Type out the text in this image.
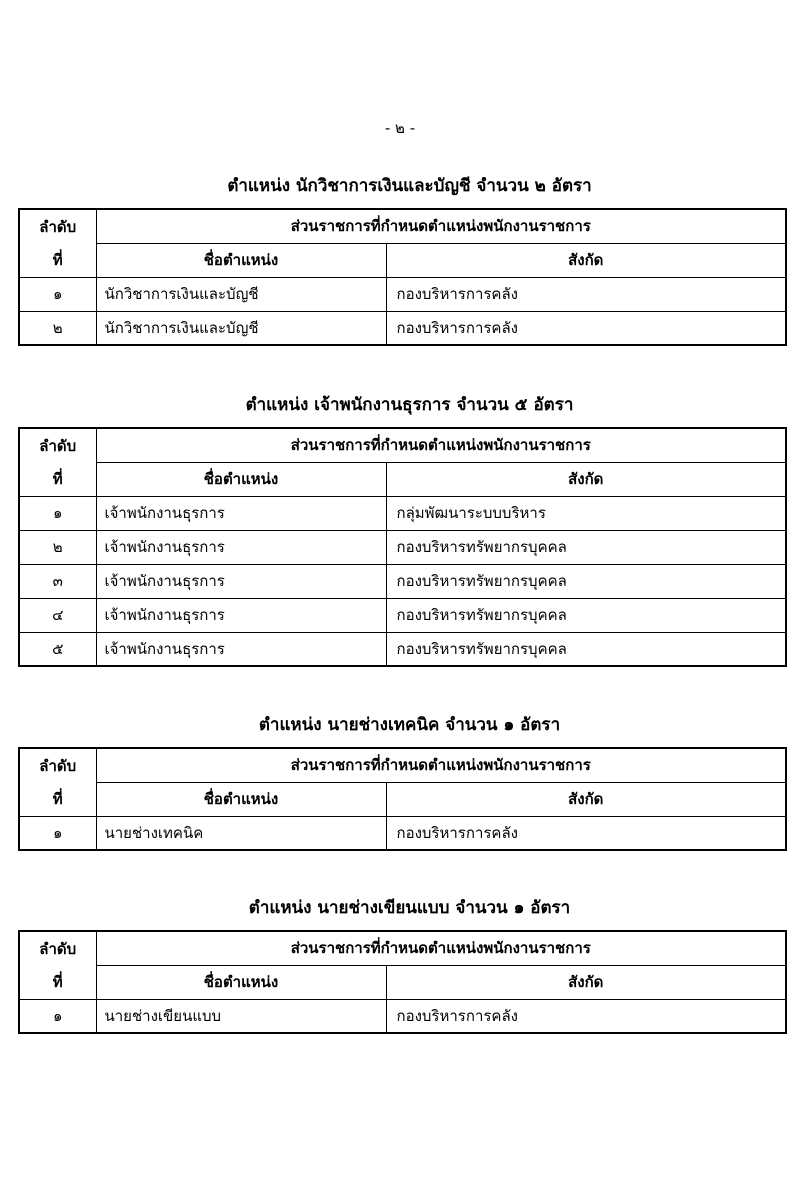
- ๒ -
ตำแหน่ง นักวิชาการเงินและบัญชี จำนวน ๒ อัตรา
ลำดับ	ส่วนราชการที่กำหนดตำแหน่งพนักงานราชการ	
ที่	ชื่อตำแหน่ง	สังกัด
๑	นักวิชาการเงินและบัญชี	กองบริหารการคลัง
๒	นักวิชาการเงินและบัญชี	กองบริหารการคลัง
ตำแหน่ง เจ้าพนักงานธุรการ จำนวน ๕ อัตรา
ลำดับ	ส่วนราชการที่กำหนดตำแหน่งพนักงานราชการ	
ที่	ชื่อตำแหน่ง	สังกัด
๑	เจ้าพนักงานธุรการ	กลุ่มพัฒนาระบบบริหาร
๒	เจ้าพนักงานธุรการ	กองบริหารทรัพยากรบุคคล
๓	เจ้าพนักงานธุรการ	กองบริหารทรัพยากรบุคคล
๔	เจ้าพนักงานธุรการ	กองบริหารทรัพยากรบุคคล
๕	เจ้าพนักงานธุรการ	กองบริหารทรัพยากรบุคคล
ตำแหน่ง นายช่างเทคนิค จำนวน ๑ อัตรา
ลำดับ	ส่วนราชการที่กำหนดตำแหน่งพนักงานราชการ	
ที่	ชื่อตำแหน่ง	สังกัด
๑	นายช่างเทคนิค	กองบริหารการคลัง
ตำแหน่ง นายช่างเขียนแบบ จำนวน ๑ อัตรา
ลำดับ	ส่วนราชการที่กำหนดตำแหน่งพนักงานราชการ	
ที่	ชื่อตำแหน่ง	สังกัด
๑	นายช่างเขียนแบบ	กองบริหารการคลัง
